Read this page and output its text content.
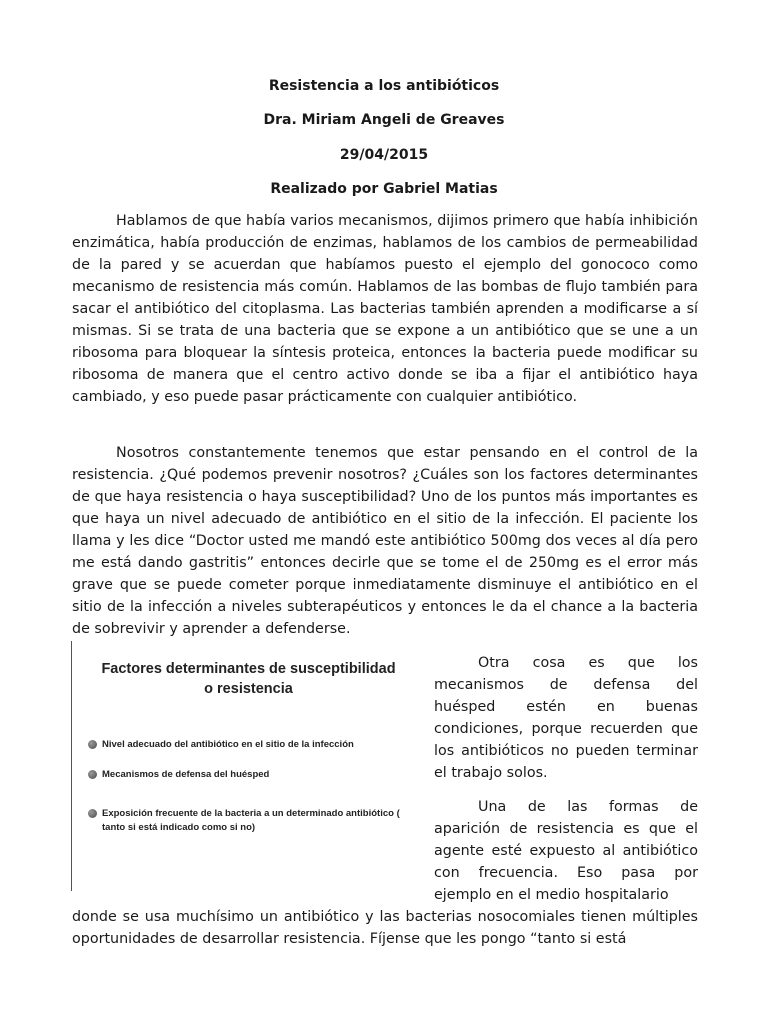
Resistencia a los antibióticos
Dra. Miriam Angeli de Greaves
29/04/2015
Realizado por Gabriel Matias

Hablamos de que había varios mecanismos, dijimos primero que había inhibición enzimática, había producción de enzimas, hablamos de los cambios de permeabilidad de la pared y se acuerdan que habíamos puesto el ejemplo del gonococo como mecanismo de resistencia más común. Hablamos de las bombas de flujo también para sacar el antibiótico del citoplasma. Las bacterias también aprenden a modificarse a sí mismas. Si se trata de una bacteria que se expone a un antibiótico que se une a un ribosoma para bloquear la síntesis proteica, entonces la bacteria puede modificar su ribosoma de manera que el centro activo donde se iba a fijar el antibiótico haya cambiado, y eso puede pasar prácticamente con cualquier antibiótico.

Nosotros constantemente tenemos que estar pensando en el control de la resistencia. ¿Qué podemos prevenir nosotros? ¿Cuáles son los factores determinantes de que haya resistencia o haya susceptibilidad? Uno de los puntos más importantes es que haya un nivel adecuado de antibiótico en el sitio de la infección. El paciente los llama y les dice “Doctor usted me mandó este antibiótico 500mg dos veces al día pero me está dando gastritis” entonces decirle que se tome el de 250mg es el error más grave que se puede cometer porque inmediatamente disminuye el antibiótico en el sitio de la infección a niveles subterapéuticos y entonces le da el chance a la bacteria de sobrevivir y aprender a defenderse.

Factores determinantes de susceptibilidad
o resistencia
Nivel adecuado del antibiótico en el sitio de la infección
Mecanismos de defensa del huésped
Exposición frecuente de la bacteria a un determinado antibiótico ( tanto si está indicado como si no)

Otra cosa es que los mecanismos de defensa del huésped estén en buenas condiciones, porque recuerden que los antibióticos no pueden terminar el trabajo solos.

Una de las formas de aparición de resistencia es que el agente esté expuesto al antibiótico con frecuencia. Eso pasa por ejemplo en el medio hospitalario

donde se usa muchísimo un antibiótico y las bacterias nosocomiales tienen múltiples oportunidades de desarrollar resistencia. Fíjense que les pongo “tanto si está
